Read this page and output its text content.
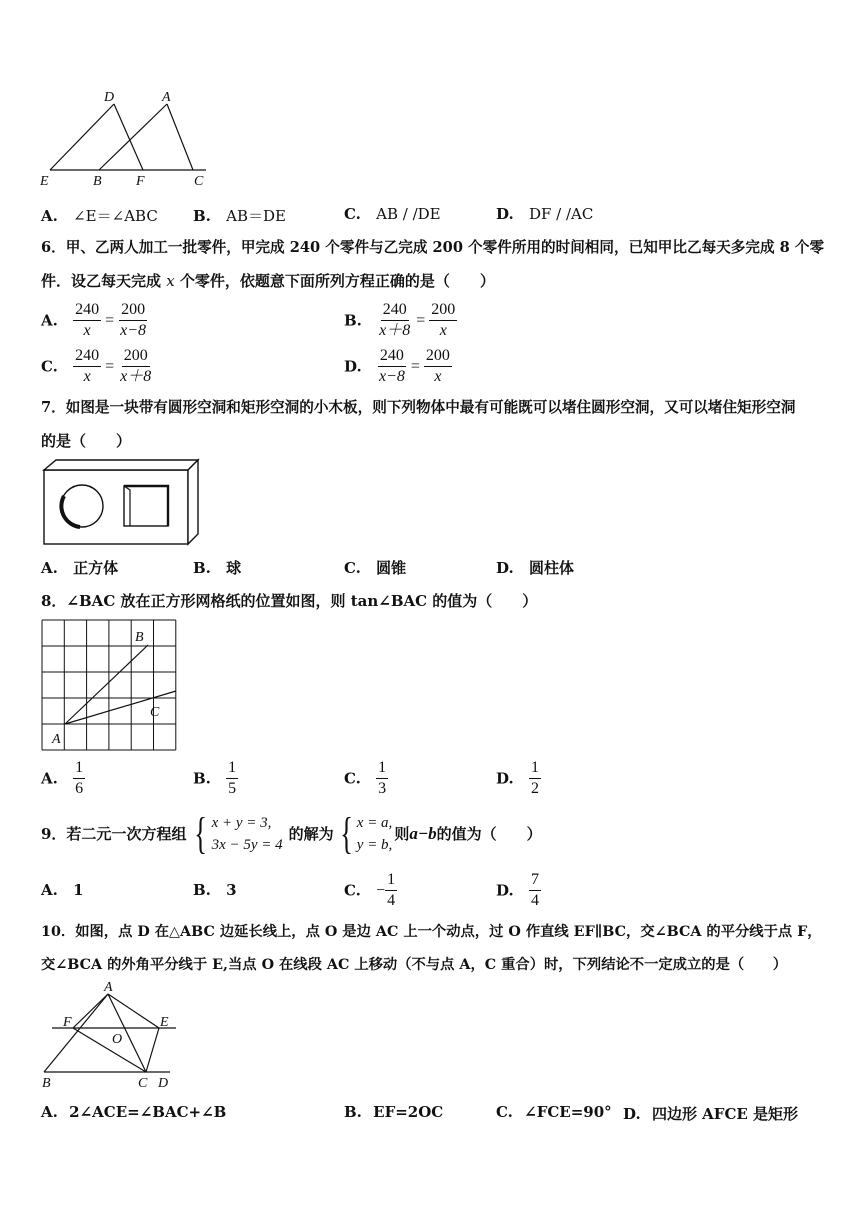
D	A
E	B F	C
A. ∠E＝∠ABC B. AB＝DE	C. AB / /DE	D. DF / /AC
6．甲、乙两人加工一批零件，甲完成 240 个零件与乙完成 200 个零件所用的时间相同，已知甲比乙每天多完成 8 个零
件．设乙每天完成 x 个零件，依题意下面所列方程正确的是（　　）
A. $\frac{240}{x} = \frac{200}{x-8}$	B. $\frac{240}{x+8} = \frac{200}{x}$
C. $\frac{240}{x} = \frac{200}{x+8}$	D. $\frac{240}{x-8} = \frac{200}{x}$
7．如图是一块带有圆形空洞和矩形空洞的小木板，则下列物体中最有可能既可以堵住圆形空洞，又可以堵住矩形空洞
的是（　　）
A. 正方体	B. 球	C. 圆锥	D. 圆柱体
8．∠BAC 放在正方形网格纸的位置如图，则 tan∠BAC 的值为（　　）
B
C
A
A. $\frac{1}{6}$	B. $\frac{1}{5}$	C. $\frac{1}{3}$	D. $\frac{1}{2}$
9．若二元一次方程组 { x + y = 3,
3x − 5y = 4
的解为 { x = a,
y = b,
则 a−b 的值为（　　）
A. 1	B. 3	C. − $\frac{1}{4}$	D. $\frac{7}{4}$
10．如图，点 D 在△ABC 边延长线上，点 O 是边 AC 上一个动点，过 O 作直线 EF∥BC，交∠BCA 的平分线于点 F，
交∠BCA 的外角平分线于 E,当点 O 在线段 AC 上移动（不与点 A，C 重合）时，下列结论不一定成立的是（　　）
A
F	E
O
B	C D
A. 2∠ACE=∠BAC+∠B	B. EF=2OC	C. ∠FCE=90° D. 四边形 AFCE 是矩形
